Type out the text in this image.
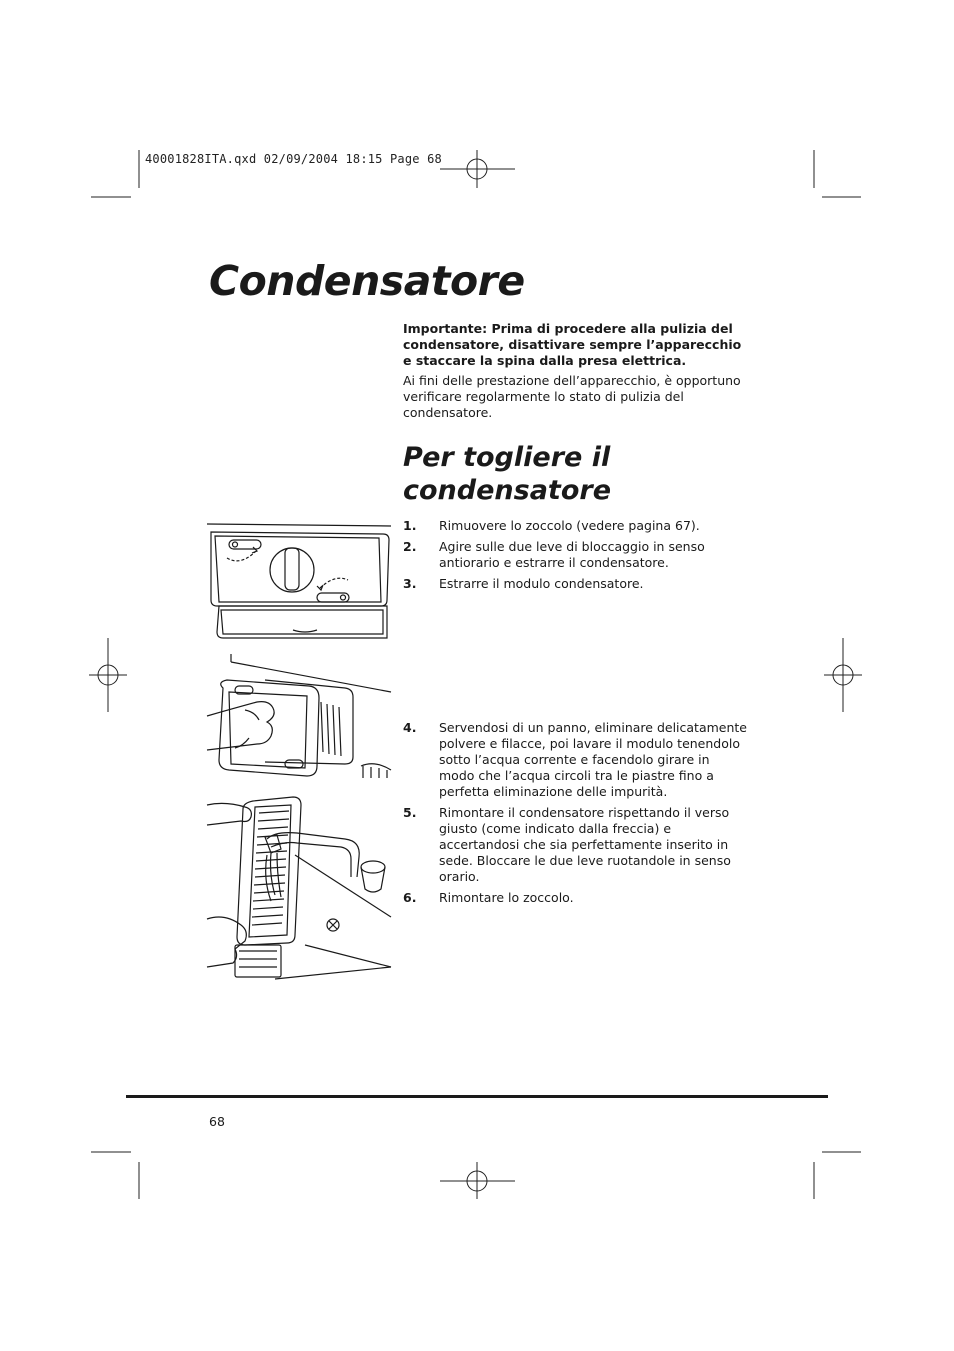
40001828ITA.qxd 02/09/2004 18:15 Page 68
Condensatore

Importante: Prima di procedere alla pulizia del condensatore, disattivare sempre l’apparecchio e staccare la spina dalla presa elettrica.

Ai fini delle prestazione dell’apparecchio, è opportuno verificare regolarmente lo stato di pulizia del condensatore.

Per togliere il condensatore
1.	Rimuovere lo zoccolo (vedere pagina 67).
2.	Agire sulle due leve di bloccaggio in senso antiorario e estrarre il condensatore.
3.	Estrarre il modulo condensatore.
4.	Servendosi di un panno, eliminare delicatamente polvere e filacce, poi lavare il modulo tenendolo sotto l’acqua corrente e facendolo girare in modo che l’acqua circoli tra le piastre fino a perfetta eliminazione delle impurità.
5.	Rimontare il condensatore rispettando il verso giusto (come indicato dalla freccia) e accertandosi che sia perfettamente inserito in sede. Bloccare le due leve ruotandole in senso orario.
6.	Rimontare lo zoccolo.
68
